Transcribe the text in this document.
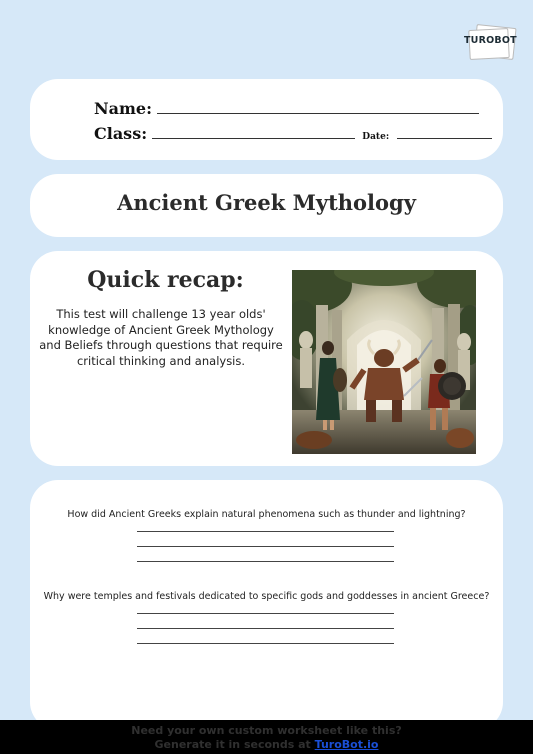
TUROBOT
Name:
Class:	Date:
Ancient Greek Mythology
Quick recap:
This test will challenge 13 year olds' knowledge of Ancient Greek Mythology and Beliefs through questions that require critical thinking and analysis.
How did Ancient Greeks explain natural phenomena such as thunder and lightning?
Why were temples and festivals dedicated to specific gods and goddesses in ancient Greece?
Need your own custom worksheet like this?
Generate it in seconds at TuroBot.io
